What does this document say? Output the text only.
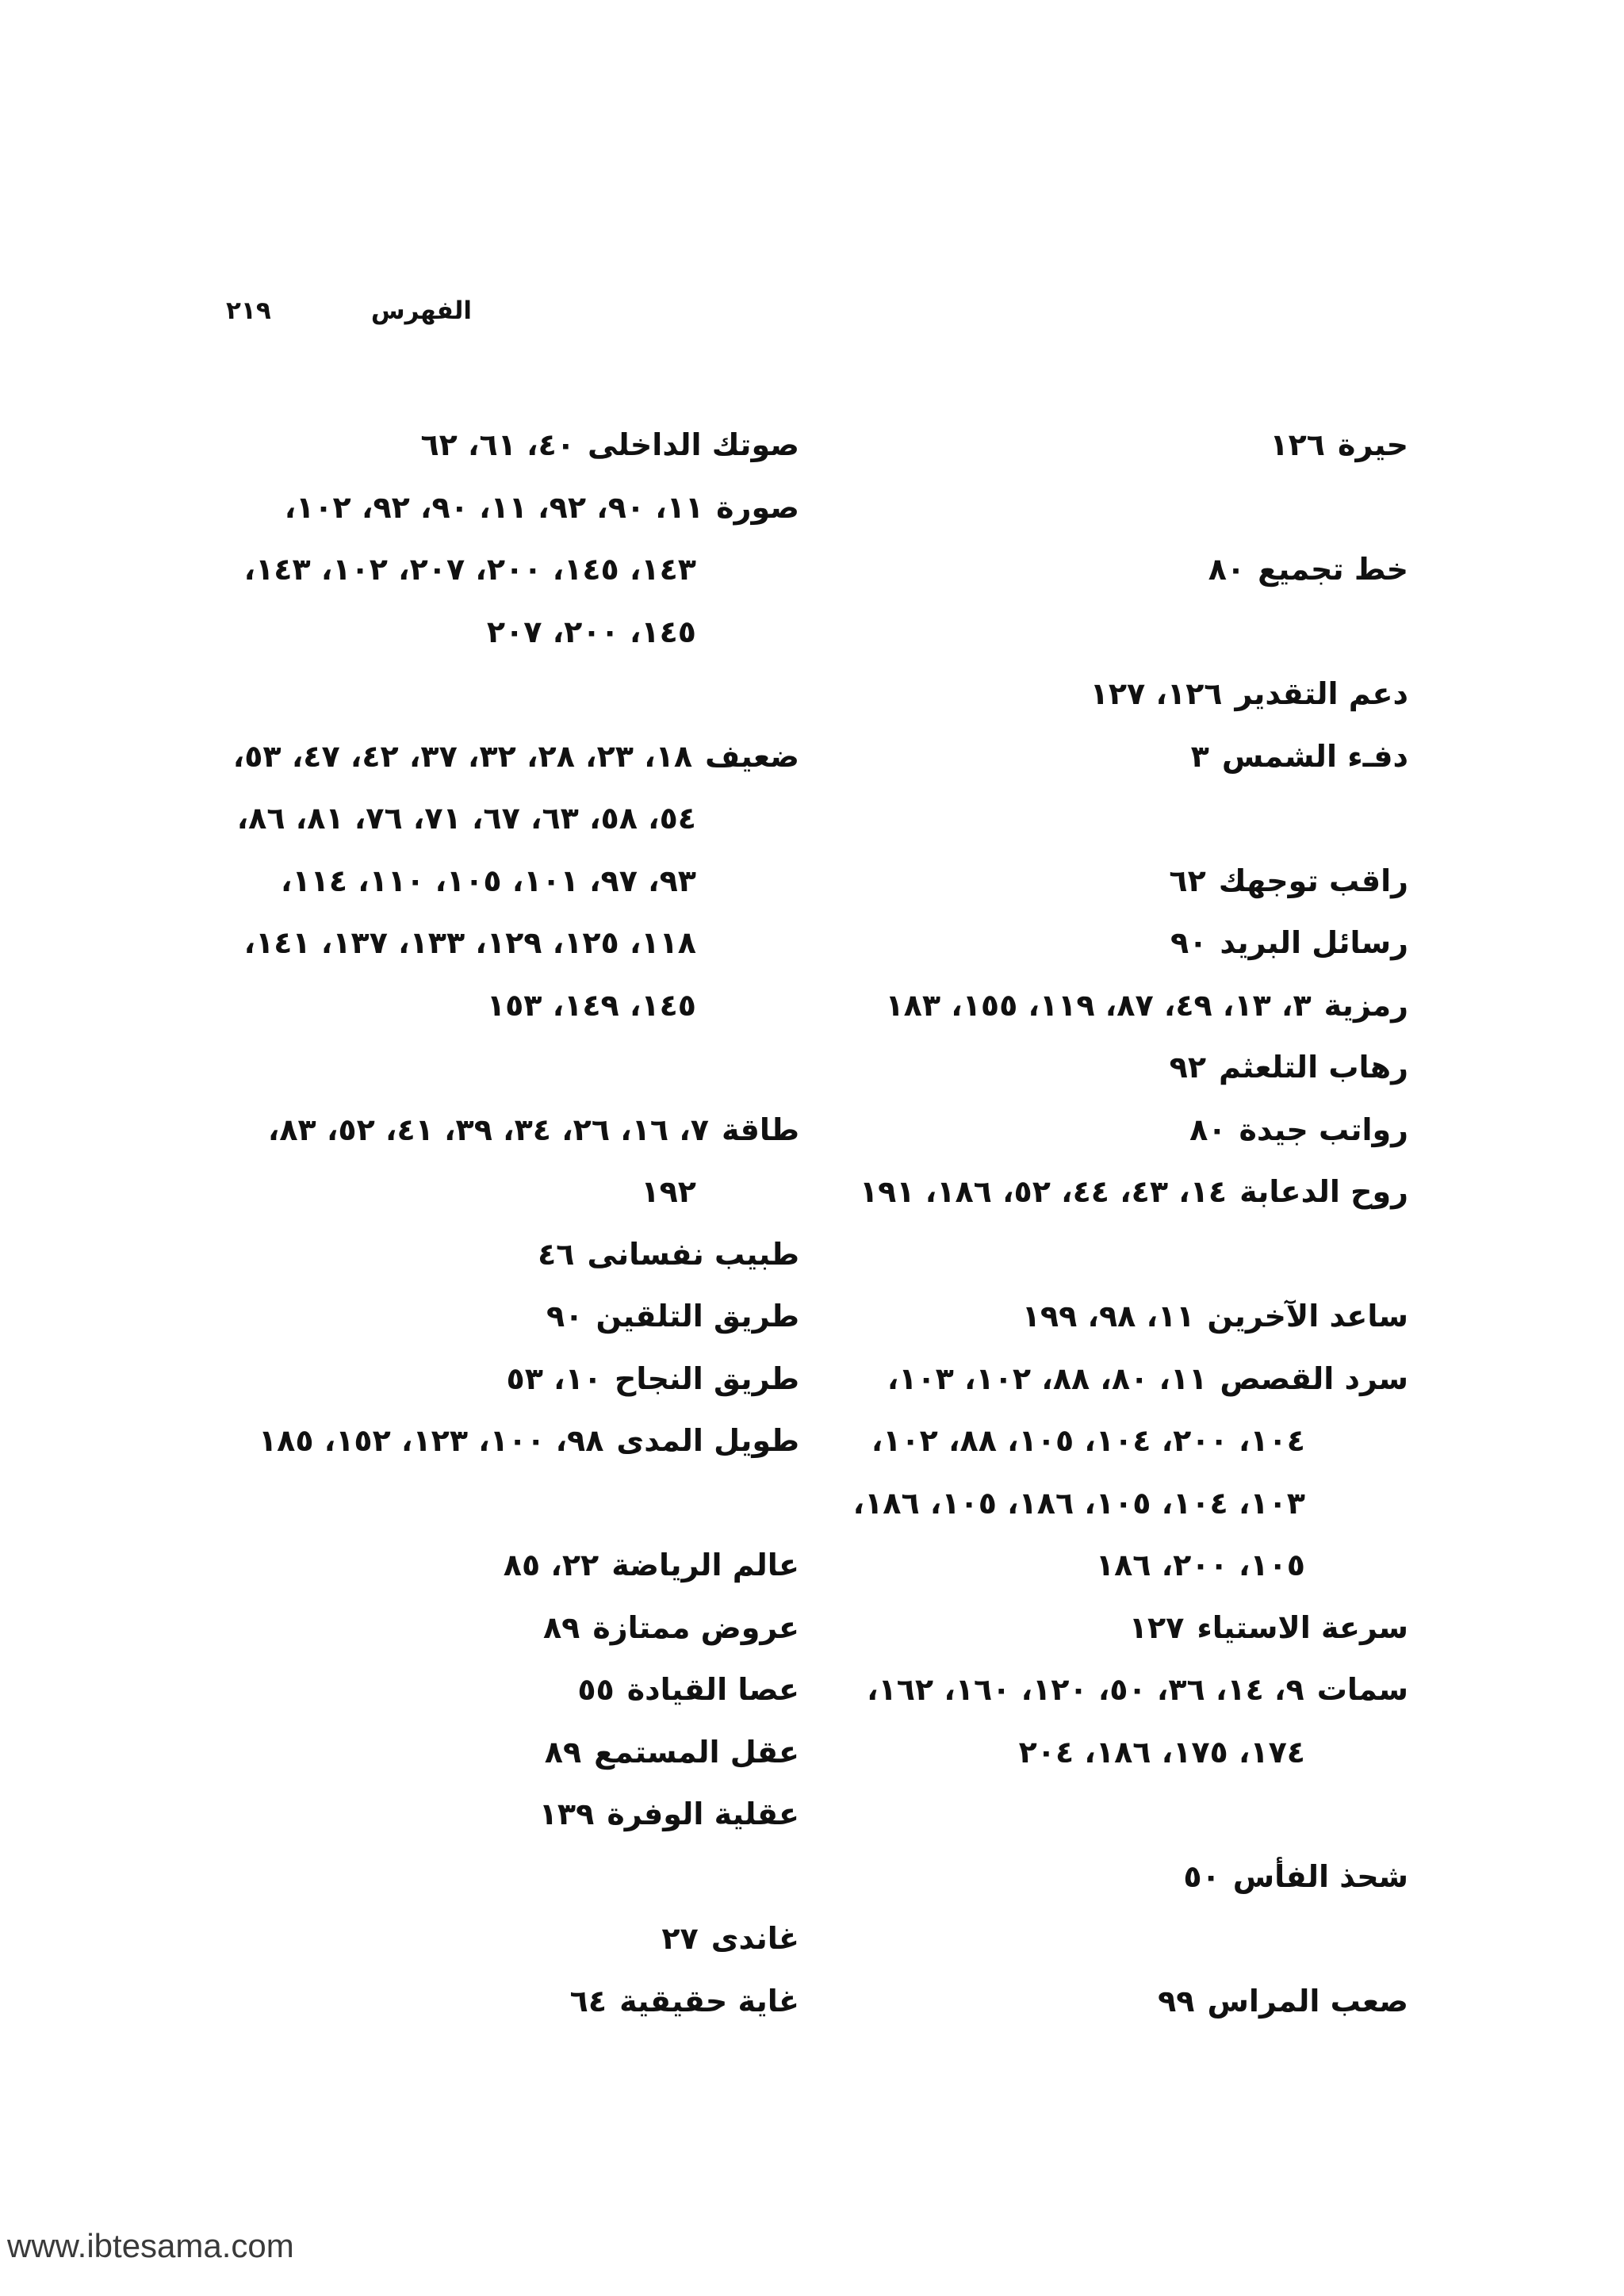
الفهرس
٢١٩
حيرة١٢٦
خط تجميع٨٠
دعم التقدير١٢٦، ١٢٧
دفـء الشمس٣
راقب توجهك٦٢
رسائل البريد٩٠
رمزية٣، ١٣، ٤٩، ٨٧، ١١٩، ١٥٥، ١٨٣
رهاب التلعثم٩٢
رواتب جيدة٨٠
روح الدعابة١٤، ٤٣، ٤٤، ٥٢، ١٨٦، ١٩١
ساعد الآخرين١١، ٩٨، ١٩٩
سرد القصص١١، ٨٠، ٨٨، ١٠٢، ١٠٣،
١٠٤، ٢٠٠، ١٠٤، ١٠٥، ٨٨، ١٠٢،
١٠٣، ١٠٤، ١٠٥، ١٨٦، ١٠٥، ١٨٦،
١٠٥، ٢٠٠، ١٨٦
سرعة الاستياء١٢٧
سمات٩، ١٤، ٣٦، ٥٠، ١٢٠، ١٦٠، ١٦٢،
١٧٤، ١٧٥، ١٨٦، ٢٠٤
شحذ الفأس٥٠
صعب المراس٩٩
صوتك الداخلى٤٠، ٦١، ٦٢
صورة١١، ٩٠، ٩٢، ١١، ٩٠، ٩٢، ١٠٢،
١٤٣، ١٤٥، ٢٠٠، ٢٠٧، ١٠٢، ١٤٣،
١٤٥، ٢٠٠، ٢٠٧
ضعيف١٨، ٢٣، ٢٨، ٣٢، ٣٧، ٤٢، ٤٧، ٥٣،
٥٤، ٥٨، ٦٣، ٦٧، ٧١، ٧٦، ٨١، ٨٦،
٩٣، ٩٧، ١٠١، ١٠٥، ١١٠، ١١٤،
١١٨، ١٢٥، ١٢٩، ١٣٣، ١٣٧، ١٤١،
١٤٥، ١٤٩، ١٥٣
طاقة٧، ١٦، ٢٦، ٣٤، ٣٩، ٤١، ٥٢، ٨٣،
١٩٢
طبيب نفسانى٤٦
طريق التلقين٩٠
طريق النجاح١٠، ٥٣
طويل المدى٩٨، ١٠٠، ١٢٣، ١٥٢، ١٨٥
عالم الرياضة٢٢، ٨٥
عروض ممتازة٨٩
عصا القيادة٥٥
عقل المستمع٨٩
عقلية الوفرة١٣٩
غاندى٢٧
غاية حقيقية٦٤
www.ibtesama.com
